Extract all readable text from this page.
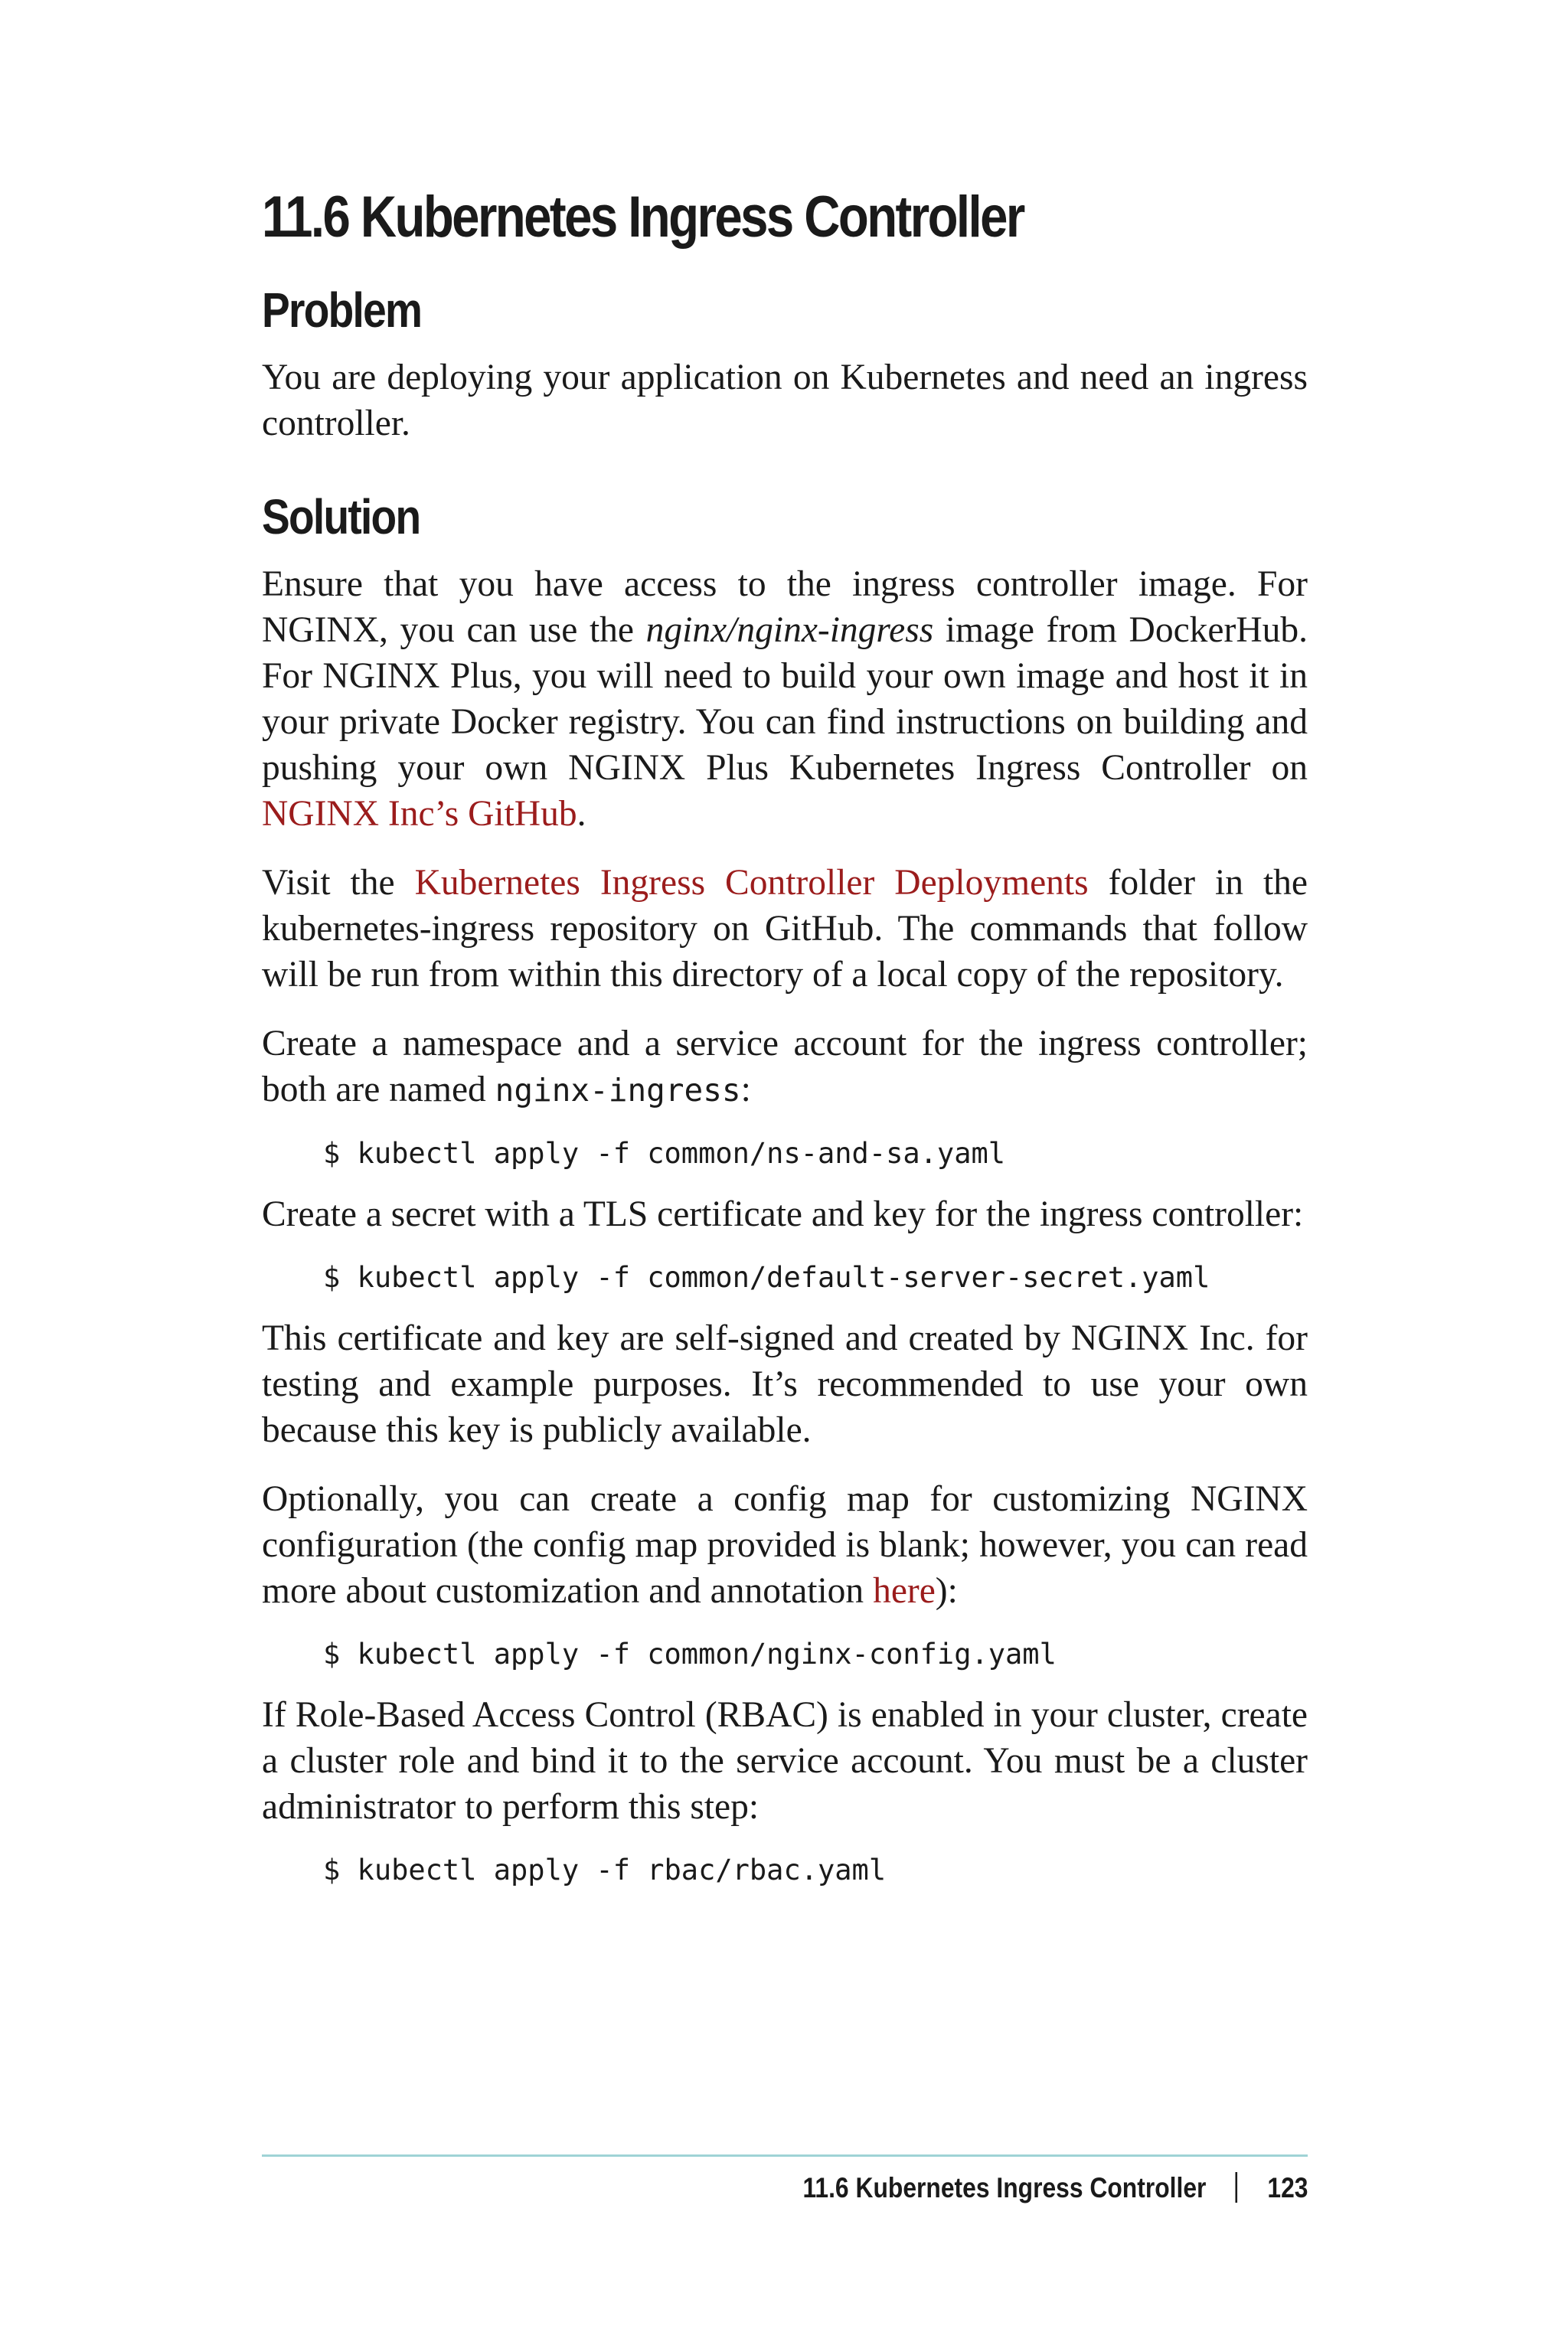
11.6 Kubernetes Ingress Controller
Problem

You are deploying your application on Kubernetes and need an ingress controller.

Solution

Ensure that you have access to the ingress controller image. For NGINX, you can use the nginx/nginx-ingress image from DockerHub. For NGINX Plus, you will need to build your own image and host it in your private Docker registry. You can find instructions on building and pushing your own NGINX Plus Kubernetes Ingress Controller on NGINX Inc’s GitHub.

Visit the Kubernetes Ingress Controller Deployments folder in the kubernetes-ingress repository on GitHub. The commands that follow will be run from within this directory of a local copy of the repository.

Create a namespace and a service account for the ingress controller; both are named nginx-ingress:

$ kubectl apply -f common/ns-and-sa.yaml

Create a secret with a TLS certificate and key for the ingress controller:

$ kubectl apply -f common/default-server-secret.yaml

This certificate and key are self-signed and created by NGINX Inc. for testing and example purposes. It’s recommended to use your own because this key is publicly available.

Optionally, you can create a config map for customizing NGINX configuration (the config map provided is blank; however, you can read more about customization and annotation here):

$ kubectl apply -f common/nginx-config.yaml

If Role-Based Access Control (RBAC) is enabled in your cluster, create a cluster role and bind it to the service account. You must be a cluster administrator to perform this step:

$ kubectl apply -f rbac/rbac.yaml
11.6 Kubernetes Ingress Controller 123
